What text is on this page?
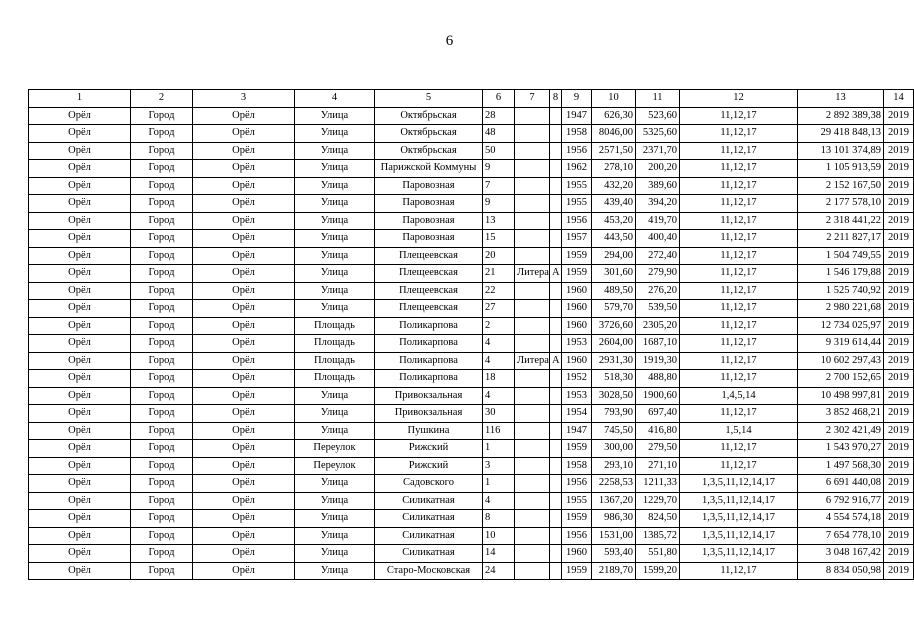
6
1	2	3	4	5	6	7	8	9	10	11	12	13	14
Орёл	Город	Орёл	Улица	Октябрьская	28			1947	626,30	523,60	11,12,17	2 892 389,38	2019
Орёл	Город	Орёл	Улица	Октябрьская	48			1958	8046,00	5325,60	11,12,17	29 418 848,13	2019
Орёл	Город	Орёл	Улица	Октябрьская	50			1956	2571,50	2371,70	11,12,17	13 101 374,89	2019
Орёл	Город	Орёл	Улица	Парижской Коммуны	9			1962	278,10	200,20	11,12,17	1 105 913,59	2019
Орёл	Город	Орёл	Улица	Паровозная	7			1955	432,20	389,60	11,12,17	2 152 167,50	2019
Орёл	Город	Орёл	Улица	Паровозная	9			1955	439,40	394,20	11,12,17	2 177 578,10	2019
Орёл	Город	Орёл	Улица	Паровозная	13			1956	453,20	419,70	11,12,17	2 318 441,22	2019
Орёл	Город	Орёл	Улица	Паровозная	15			1957	443,50	400,40	11,12,17	2 211 827,17	2019
Орёл	Город	Орёл	Улица	Плещеевская	20			1959	294,00	272,40	11,12,17	1 504 749,55	2019
Орёл	Город	Орёл	Улица	Плещеевская	21	Литера	А	1959	301,60	279,90	11,12,17	1 546 179,88	2019
Орёл	Город	Орёл	Улица	Плещеевская	22			1960	489,50	276,20	11,12,17	1 525 740,92	2019
Орёл	Город	Орёл	Улица	Плещеевская	27			1960	579,70	539,50	11,12,17	2 980 221,68	2019
Орёл	Город	Орёл	Площадь	Поликарпова	2			1960	3726,60	2305,20	11,12,17	12 734 025,97	2019
Орёл	Город	Орёл	Площадь	Поликарпова	4			1953	2604,00	1687,10	11,12,17	9 319 614,44	2019
Орёл	Город	Орёл	Площадь	Поликарпова	4	Литера	А	1960	2931,30	1919,30	11,12,17	10 602 297,43	2019
Орёл	Город	Орёл	Площадь	Поликарпова	18			1952	518,30	488,80	11,12,17	2 700 152,65	2019
Орёл	Город	Орёл	Улица	Привокзальная	4			1953	3028,50	1900,60	1,4,5,14	10 498 997,81	2019
Орёл	Город	Орёл	Улица	Привокзальная	30			1954	793,90	697,40	11,12,17	3 852 468,21	2019
Орёл	Город	Орёл	Улица	Пушкина	116			1947	745,50	416,80	1,5,14	2 302 421,49	2019
Орёл	Город	Орёл	Переулок	Рижский	1			1959	300,00	279,50	11,12,17	1 543 970,27	2019
Орёл	Город	Орёл	Переулок	Рижский	3			1958	293,10	271,10	11,12,17	1 497 568,30	2019
Орёл	Город	Орёл	Улица	Садовского	1			1956	2258,53	1211,33	1,3,5,11,12,14,17	6 691 440,08	2019
Орёл	Город	Орёл	Улица	Силикатная	4			1955	1367,20	1229,70	1,3,5,11,12,14,17	6 792 916,77	2019
Орёл	Город	Орёл	Улица	Силикатная	8			1959	986,30	824,50	1,3,5,11,12,14,17	4 554 574,18	2019
Орёл	Город	Орёл	Улица	Силикатная	10			1956	1531,00	1385,72	1,3,5,11,12,14,17	7 654 778,10	2019
Орёл	Город	Орёл	Улица	Силикатная	14			1960	593,40	551,80	1,3,5,11,12,14,17	3 048 167,42	2019
Орёл	Город	Орёл	Улица	Старо-Московская	24			1959	2189,70	1599,20	11,12,17	8 834 050,98	2019
